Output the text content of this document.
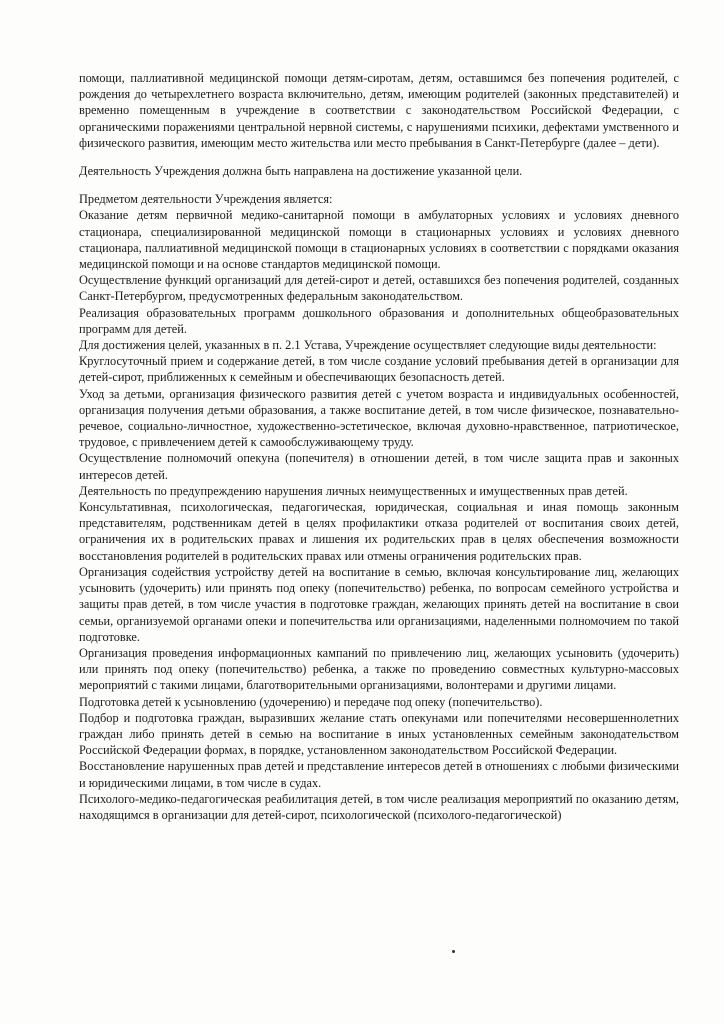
помощи, паллиативной медицинской помощи детям-сиротам, детям, оставшимся без попечения родителей, с рождения до четырехлетнего возраста включительно, детям, имеющим родителей (законных представителей) и временно помещенным в учреждение в соответствии с законодательством Российской Федерации, с органическими поражениями центральной нервной системы, с нарушениями психики, дефектами умственного и физического развития, имеющим место жительства или место пребывания в Санкт-Петербурге (далее – дети).

Деятельность Учреждения должна быть направлена на достижение указанной цели.

Предметом деятельности Учреждения является:

Оказание детям первичной медико-санитарной помощи в амбулаторных условиях и условиях дневного стационара, специализированной медицинской помощи в стационарных условиях и условиях дневного стационара, паллиативной медицинской помощи в стационарных условиях в соответствии с порядками оказания медицинской помощи и на основе стандартов медицинской помощи.

Осуществление функций организаций для детей-сирот и детей, оставшихся без попечения родителей, созданных Санкт-Петербургом, предусмотренных федеральным законодательством.

Реализация образовательных программ дошкольного образования и дополнительных общеобразовательных программ для детей.

Для достижения целей, указанных в п. 2.1 Устава, Учреждение осуществляет следующие виды деятельности:

Круглосуточный прием и содержание детей, в том числе создание условий пребывания детей в организации для детей-сирот, приближенных к семейным и обеспечивающих безопасность детей.

Уход за детьми, организация физического развития детей с учетом возраста и индивидуальных особенностей, организация получения детьми образования, а также воспитание детей, в том числе физическое, познавательно-речевое, социально-личностное, художественно-эстетическое, включая духовно-нравственное, патриотическое, трудовое, с привлечением детей к самообслуживающему труду.

Осуществление полномочий опекуна (попечителя) в отношении детей, в том числе защита прав и законных интересов детей.

Деятельность по предупреждению нарушения личных неимущественных и имущественных прав детей.

Консультативная, психологическая, педагогическая, юридическая, социальная и иная помощь законным представителям, родственникам детей в целях профилактики отказа родителей от воспитания своих детей, ограничения их в родительских правах и лишения их родительских прав в целях обеспечения возможности восстановления родителей в родительских правах или отмены ограничения родительских прав.

Организация содействия устройству детей на воспитание в семью, включая консультирование лиц, желающих усыновить (удочерить) или принять под опеку (попечительство) ребенка, по вопросам семейного устройства и защиты прав детей, в том числе участия в подготовке граждан, желающих принять детей на воспитание в свои семьи, организуемой органами опеки и попечительства или организациями, наделенными полномочием по такой подготовке.

Организация проведения информационных кампаний по привлечению лиц, желающих усыновить (удочерить) или принять под опеку (попечительство) ребенка, а также по проведению совместных культурно-массовых мероприятий с такими лицами, благотворительными организациями, волонтерами и другими лицами.

Подготовка детей к усыновлению (удочерению) и передаче под опеку (попечительство).

Подбор и подготовка граждан, выразивших желание стать опекунами или попечителями несовершеннолетних граждан либо принять детей в семью на воспитание в иных установленных семейным законодательством Российской Федерации формах, в порядке, установленном законодательством Российской Федерации.

Восстановление нарушенных прав детей и представление интересов детей в отношениях с любыми физическими и юридическими лицами, в том числе в судах.

Психолого-медико-педагогическая реабилитация детей, в том числе реализация мероприятий по оказанию детям, находящимся в организации для детей-сирот, психологической (психолого-педагогической)
